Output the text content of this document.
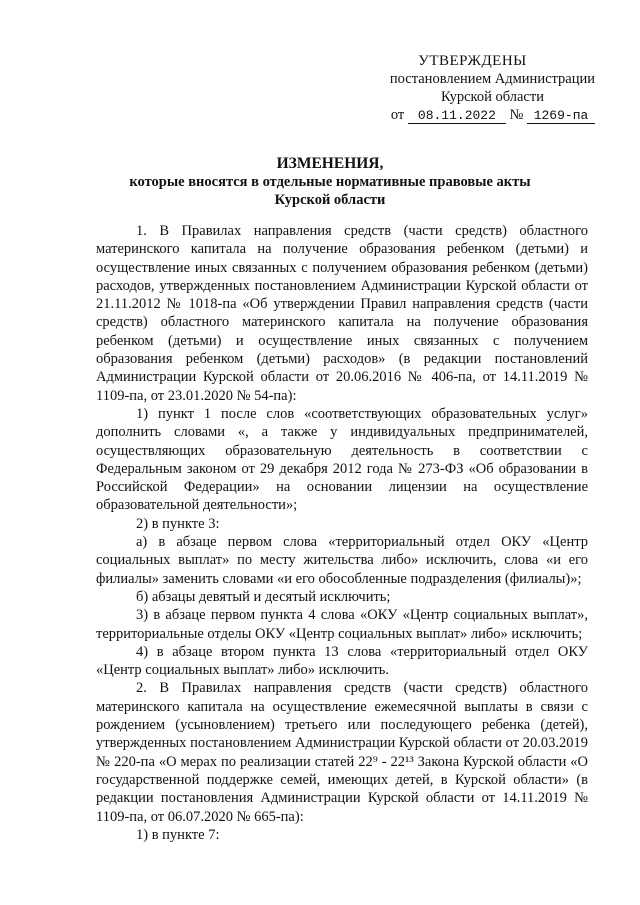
УТВЕРЖДЕНЫ
постановлением Администрации
Курской области
от 08.11.2022 № 1269-па
ИЗМЕНЕНИЯ,
которые вносятся в отдельные нормативные правовые акты
Курской области

1. В Правилах направления средств (части средств) областного материнского капитала на получение образования ребенком (детьми) и осуществление иных связанных с получением образования ребенком (детьми) расходов, утвержденных постановлением Администрации Курской области от 21.11.2012 № 1018-па «Об утверждении Правил направления средств (части средств) областного материнского капитала на получение образования ребенком (детьми) и осуществление иных связанных с получением образования ребенком (детьми) расходов» (в редакции постановлений Администрации Курской области от 20.06.2016 № 406-па, от 14.11.2019 № 1109-па, от 23.01.2020 № 54-па):

1) пункт 1 после слов «соответствующих образовательных услуг» дополнить словами «, а также у индивидуальных предпринимателей, осуществляющих образовательную деятельность в соответствии с Федеральным законом от 29 декабря 2012 года № 273-ФЗ «Об образовании в Российской Федерации» на основании лицензии на осуществление образовательной деятельности»;

2) в пункте 3:

а) в абзаце первом слова «территориальный отдел ОКУ «Центр социальных выплат» по месту жительства либо» исключить, слова «и его филиалы» заменить словами «и его обособленные подразделения (филиалы)»;

б) абзацы девятый и десятый исключить;

3) в абзаце первом пункта 4 слова «ОКУ «Центр социальных выплат», территориальные отделы ОКУ «Центр социальных выплат» либо» исключить;

4) в абзаце втором пункта 13 слова «территориальный отдел ОКУ «Центр социальных выплат» либо» исключить.

2. В Правилах направления средств (части средств) областного материнского капитала на осуществление ежемесячной выплаты в связи с рождением (усыновлением) третьего или последующего ребенка (детей), утвержденных постановлением Администрации Курской области от 20.03.2019 № 220-па «О мерах по реализации статей 22⁹ - 22¹³ Закона Курской области «О государственной поддержке семей, имеющих детей, в Курской области» (в редакции постановления Администрации Курской области от 14.11.2019 № 1109-па, от 06.07.2020 № 665-па):

1) в пункте 7:
